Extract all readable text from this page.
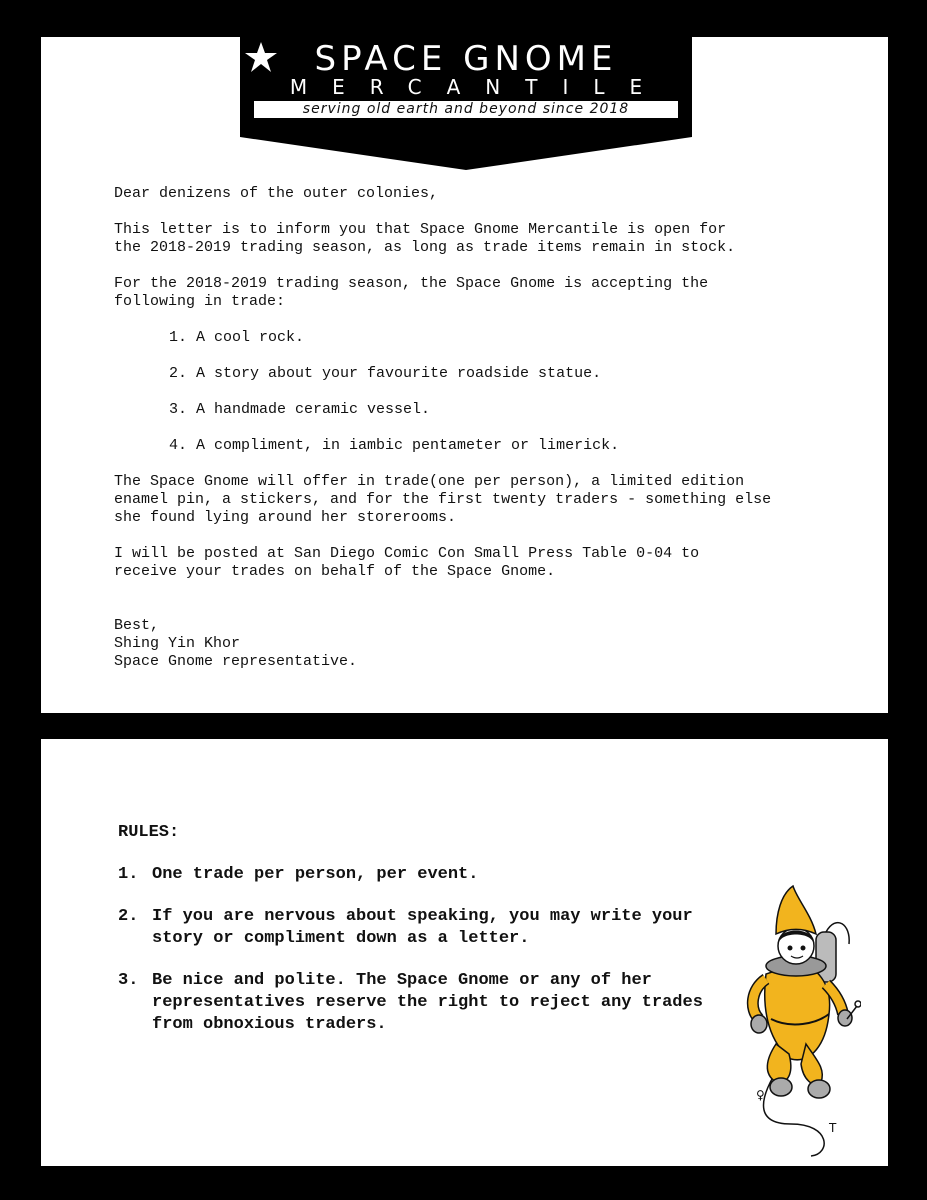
SPACE GNOME
MERCANTILE
serving old earth and beyond since 2018

Dear denizens of the outer colonies,

This letter is to inform you that Space Gnome Mercantile is open for
the 2018-2019 trading season, as long as trade items remain in stock.

For the 2018-2019 trading season, the Space Gnome is accepting the
following in trade:

1. A cool rock.

2. A story about your favourite roadside statue.

3. A handmade ceramic vessel.

4. A compliment, in iambic pentameter or limerick.

The Space Gnome will offer in trade(one per person), a limited edition
enamel pin, a stickers, and for the first twenty traders - something else
she found lying around her storerooms.

I will be posted at San Diego Comic Con Small Press Table 0-04 to
receive your trades on behalf of the Space Gnome.

Best,

Shing Yin Khor

Space Gnome representative.

RULES:

1. One trade per person, per event.
2. If you are nervous about speaking, you may write your story or compliment down as a letter.
3. Be nice and polite. The Space Gnome or any of her representatives reserve the right to reject any trades from obnoxious traders.
♀
T
